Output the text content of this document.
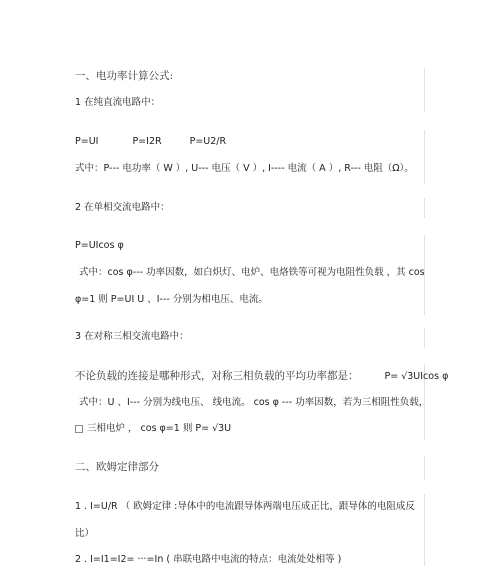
一、电功率计算公式:
1 在纯直流电路中：
P=UI	P=I2R	P=U2/R
式中：P--- 电功率（ W ）, U--- 电压（ V ）, I---- 电流（ A ）, R--- 电阻（Ω）。
2 在单相交流电路中：
P=UIcos φ
式中：cos φ--- 功率因数，如白炽灯、电炉、电烙铁等可视为电阻性负载 ，其 cos
φ=1 则 P=UI U 、I--- 分别为相电压、电流。
3 在对称三相交流电路中：
不论负载的连接是哪种形式，对称三相负载的平均功率都是：	P= √3UIcos φ
式中：U 、I--- 分别为线电压、 线电流。 cos φ --- 功率因数，若为三相阻性负载，
三相电炉 ， cos φ=1 则 P= √3U
二、欧姆定律部分
1 . I=U/R （ 欧姆定律 :导体中的电流跟导体两端电压成正比，跟导体的电阻成反
比）
2 . I=I1=I2= ···=In ( 串联电路中电流的特点：电流处处相等 )
